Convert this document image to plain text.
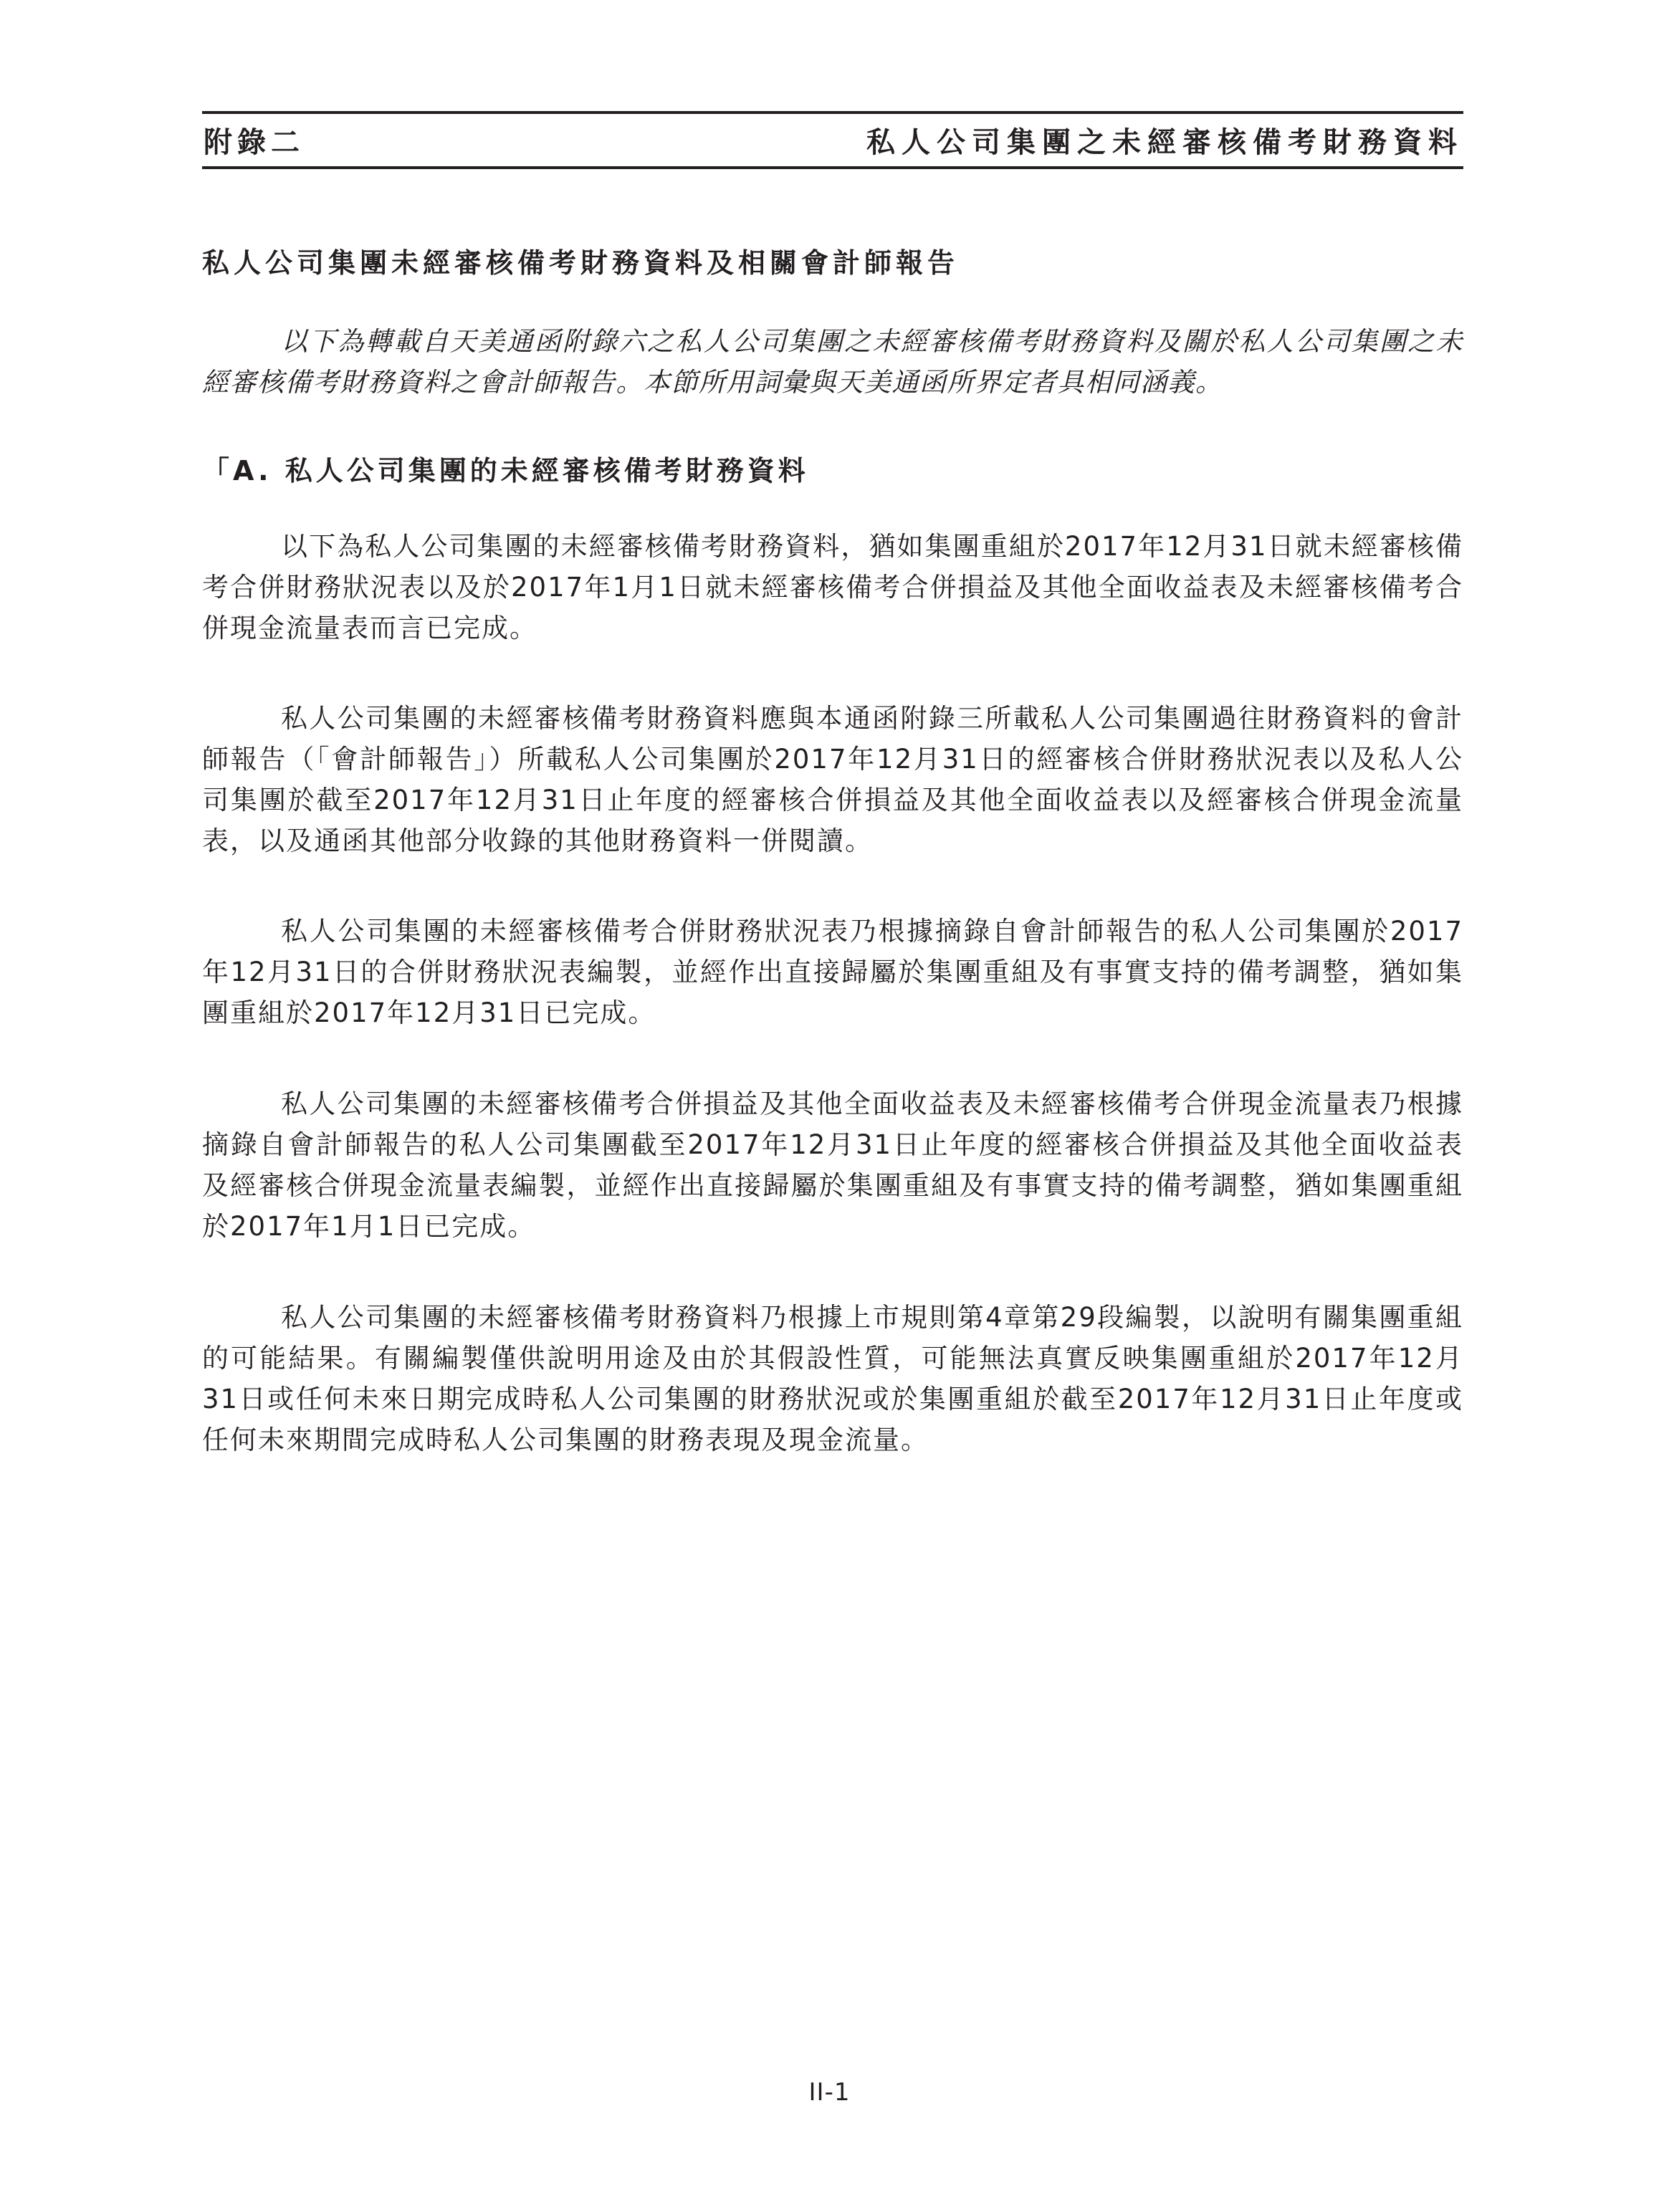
附錄二	私人公司集團之未經審核備考財務資料
私人公司集團未經審核備考財務資料及相關會計師報告
以下為轉載自天美通函附錄六之私人公司集團之未經審核備考財務資料及關於私人公司集團之未經審核備考財務資料之會計師報告。本節所用詞彙與天美通函所界定者具相同涵義。
「A. 私人公司集團的未經審核備考財務資料
以下為私人公司集團的未經審核備考財務資料，猶如集團重組於2017年12月31日就未經審核備考合併財務狀況表以及於2017年1月1日就未經審核備考合併損益及其他全面收益表及未經審核備考合併現金流量表而言已完成。
私人公司集團的未經審核備考財務資料應與本通函附錄三所載私人公司集團過往財務資料的會計師報告（「會計師報告」）所載私人公司集團於2017年12月31日的經審核合併財務狀況表以及私人公司集團於截至2017年12月31日止年度的經審核合併損益及其他全面收益表以及經審核合併現金流量表，以及通函其他部分收錄的其他財務資料一併閱讀。
私人公司集團的未經審核備考合併財務狀況表乃根據摘錄自會計師報告的私人公司集團於2017年12月31日的合併財務狀況表編製，並經作出直接歸屬於集團重組及有事實支持的備考調整，猶如集團重組於2017年12月31日已完成。
私人公司集團的未經審核備考合併損益及其他全面收益表及未經審核備考合併現金流量表乃根據摘錄自會計師報告的私人公司集團截至2017年12月31日止年度的經審核合併損益及其他全面收益表及經審核合併現金流量表編製，並經作出直接歸屬於集團重組及有事實支持的備考調整，猶如集團重組於2017年1月1日已完成。
私人公司集團的未經審核備考財務資料乃根據上市規則第4章第29段編製，以說明有關集團重組的可能結果。有關編製僅供說明用途及由於其假設性質，可能無法真實反映集團重組於2017年12月31日或任何未來日期完成時私人公司集團的財務狀況或於集團重組於截至2017年12月31日止年度或任何未來期間完成時私人公司集團的財務表現及現金流量。
II-1
